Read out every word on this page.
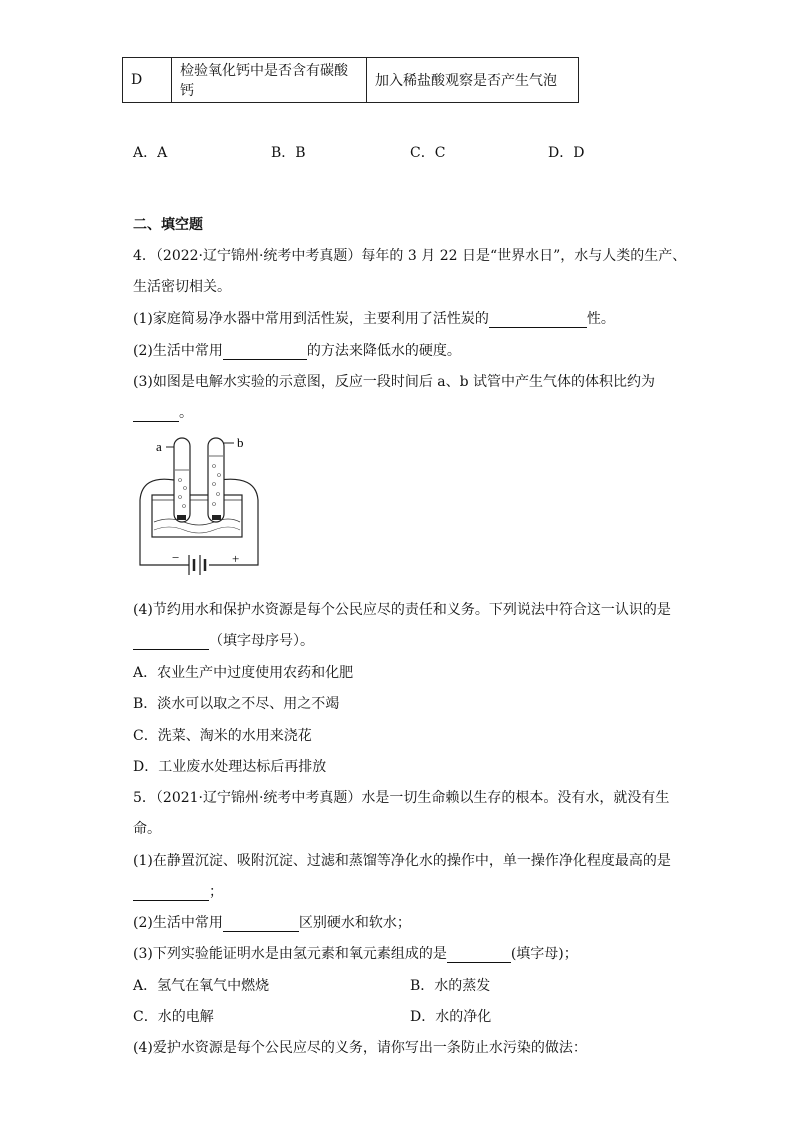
D	检验氧化钙中是否含有碳酸钙	加入稀盐酸观察是否产生气泡
A．A	B．B	C．C	D．D
二、填空题
4．（2022·辽宁锦州·统考中考真题）每年的 3 月 22 日是“世界水日”，水与人类的生产、
生活密切相关。
(1)家庭简易净水器中常用到活性炭，主要利用了活性炭的	性。
(2)生活中常用	的方法来降低水的硬度。
(3)如图是电解水实验的示意图，反应一段时间后 a、b 试管中产生气体的体积比约为
。
a	b
−	+
(4)节约用水和保护水资源是每个公民应尽的责任和义务。下列说法中符合这一认识的是
（填字母序号）。
A．农业生产中过度使用农药和化肥
B．淡水可以取之不尽、用之不竭
C．洗菜、淘米的水用来浇花
D．工业废水处理达标后再排放
5．（2021·辽宁锦州·统考中考真题）水是一切生命赖以生存的根本。没有水，就没有生
命。
(1)在静置沉淀、吸附沉淀、过滤和蒸馏等净化水的操作中，单一操作净化程度最高的是
；
(2)生活中常用	区别硬水和软水；
(3)下列实验能证明水是由氢元素和氧元素组成的是	(填字母)；
A．氢气在氧气中燃烧	B．水的蒸发
C．水的电解	D．水的净化
(4)爱护水资源是每个公民应尽的义务，请你写出一条防止水污染的做法：
